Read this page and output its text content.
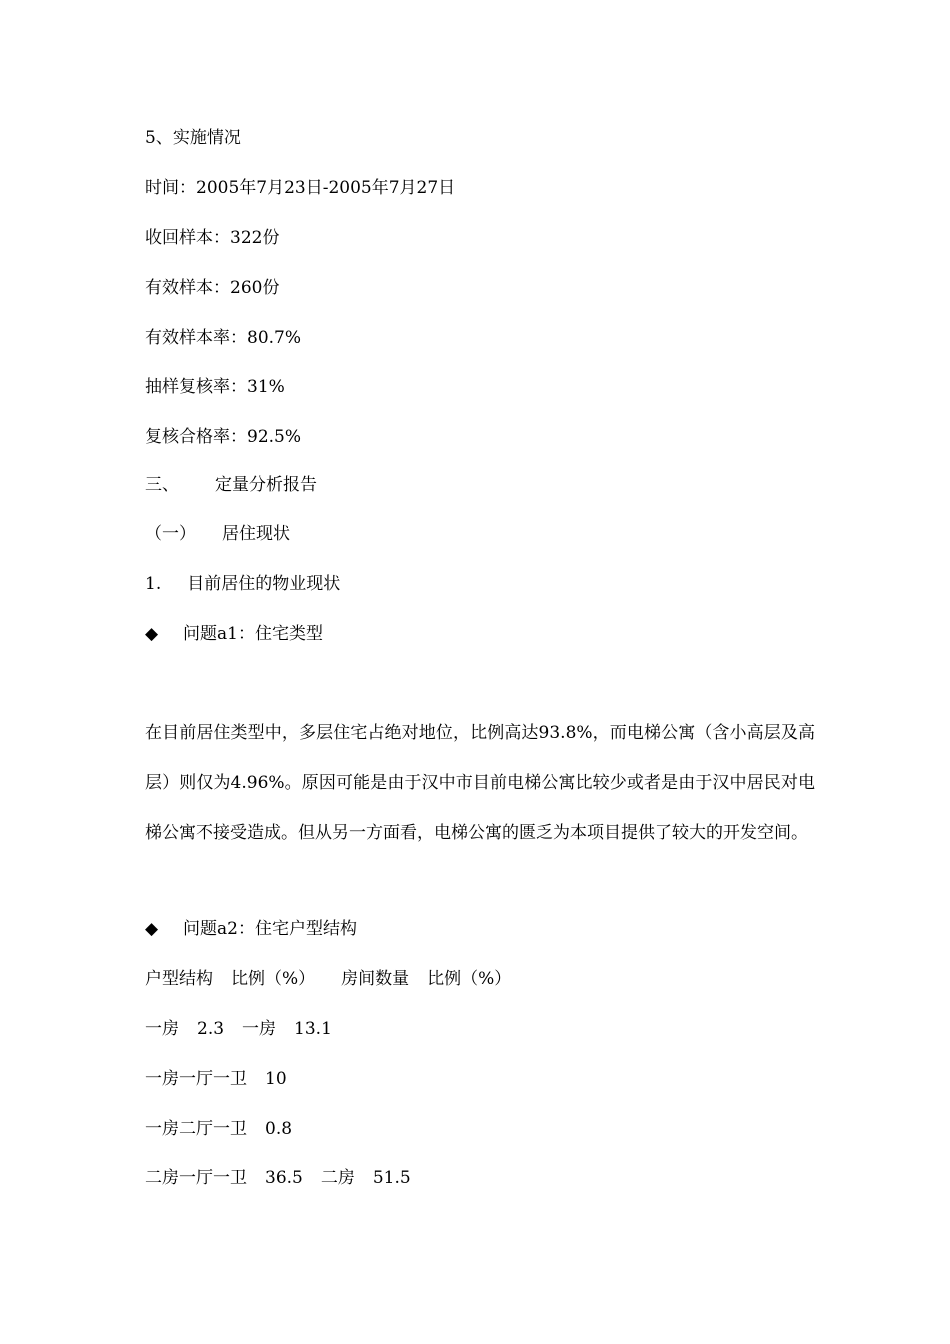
5、实施情况
时间：2005年7月23日-2005年7月27日
收回样本：322份
有效样本：260份
有效样本率：80.7%
抽样复核率：31%
复核合格率：92.5%
三、 定量分析报告
（一） 居住现状
1. 目前居住的物业现状
◆ 问题a1：住宅类型
在目前居住类型中，多层住宅占绝对地位，比例高达93.8%，而电梯公寓（含小高层及高层）则仅为4.96%。原因可能是由于汉中市目前电梯公寓比较少或者是由于汉中居民对电梯公寓不接受造成。但从另一方面看，电梯公寓的匮乏为本项目提供了较大的开发空间。
◆ 问题a2：住宅户型结构
户型结构 比例（%） 房间数量 比例（%）
一房 2.3 一房 13.1
一房一厅一卫 10
一房二厅一卫 0.8
二房一厅一卫 36.5 二房 51.5
